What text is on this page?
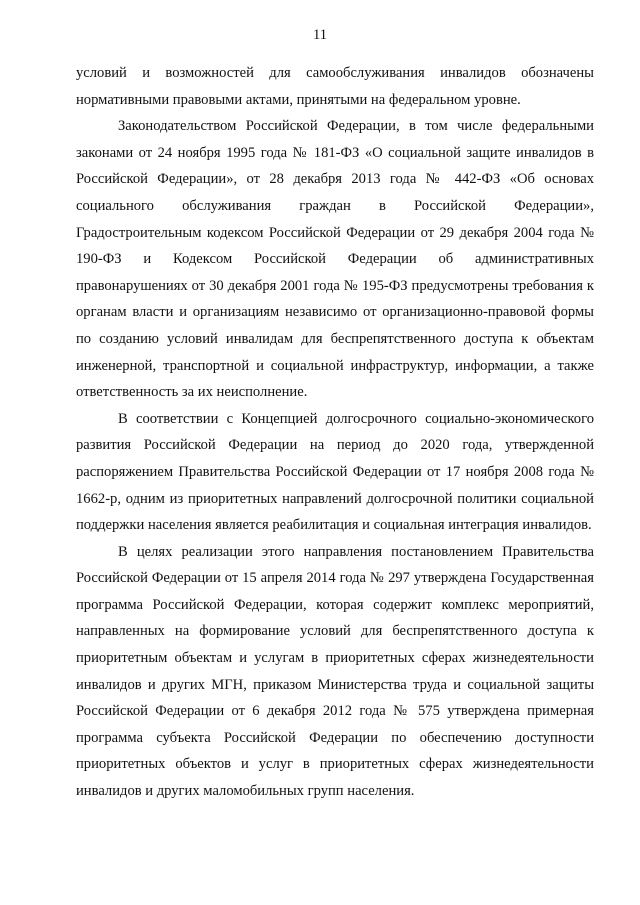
11

условий и возможностей для самообслуживания инвалидов обозначены нормативными правовыми актами, принятыми на федеральном уровне.

Законодательством Российской Федерации, в том числе федеральными законами от 24 ноября 1995 года № 181-ФЗ «О социальной защите инвалидов в Российской Федерации», от 28 декабря 2013 года № 442-ФЗ «Об основах социального обслуживания граждан в Российской Федерации», Градостроительным кодексом Российской Федерации от 29 декабря 2004 года № 190-ФЗ и Кодексом Российской Федерации об административных правонарушениях от 30 декабря 2001 года № 195-ФЗ предусмотрены требования к органам власти и организациям независимо от организационно-правовой формы по созданию условий инвалидам для беспрепятственного доступа к объектам инженерной, транспортной и социальной инфраструктур, информации, а также ответственность за их неисполнение.

В соответствии с Концепцией долгосрочного социально-экономического развития Российской Федерации на период до 2020 года, утвержденной распоряжением Правительства Российской Федерации от 17 ноября 2008 года № 1662-р, одним из приоритетных направлений долгосрочной политики социальной поддержки населения является реабилитация и социальная интеграция инвалидов.

В целях реализации этого направления постановлением Правительства Российской Федерации от 15 апреля 2014 года № 297 утверждена Государственная программа Российской Федерации, которая содержит комплекс мероприятий, направленных на формирование условий для беспрепятственного доступа к приоритетным объектам и услугам в приоритетных сферах жизнедеятельности инвалидов и других МГН, приказом Министерства труда и социальной защиты Российской Федерации от 6 декабря 2012 года № 575 утверждена примерная программа субъекта Российской Федерации по обеспечению доступности приоритетных объектов и услуг в приоритетных сферах жизнедеятельности инвалидов и других маломобильных групп населения.
